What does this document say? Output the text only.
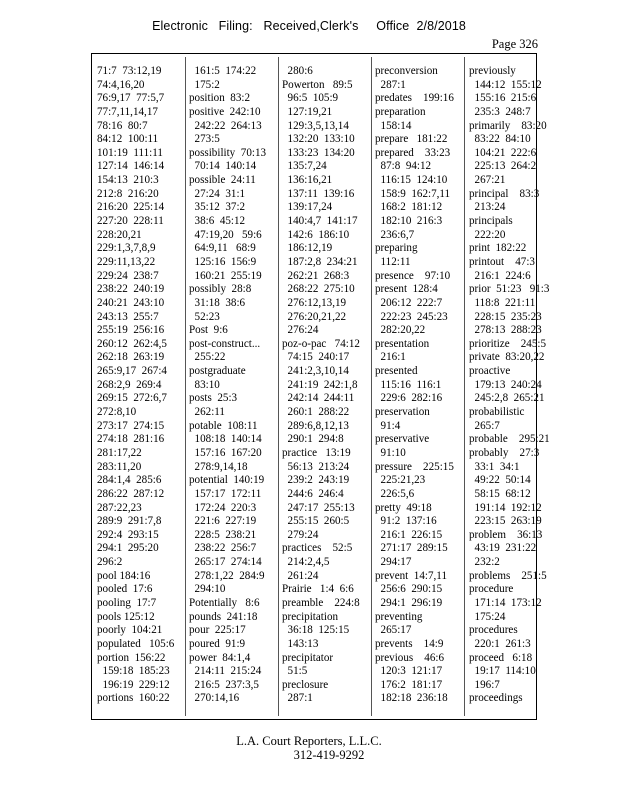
Electronic   Filing:   Received,Clerk's     Office  2/8/2018
Page 326
71:7  73:12,19
74:4,16,20
76:9,17  77:5,7
77:7,11,14,17
78:16  80:7
84:12  100:11
101:19  111:11
127:14  146:14
154:13  210:3
212:8  216:20
216:20  225:14
227:20  228:11
228:20,21
229:1,3,7,8,9
229:11,13,22
229:24  238:7
238:22  240:19
240:21  243:10
243:13  255:7
255:19  256:16
260:12  262:4,5
262:18  263:19
265:9,17  267:4
268:2,9  269:4
269:15  272:6,7
272:8,10
273:17  274:15
274:18  281:16
281:17,22
283:11,20
284:1,4  285:6
286:22  287:12
287:22,23
289:9  291:7,8
292:4  293:15
294:1  295:20
296:2
pool 184:16
pooled  17:6
pooling  17:7
pools 125:12
poorly  104:21
populated   105:6
portion  156:22
159:18  185:23
196:19  229:12
portions  160:22
161:5  174:22
175:2
position  83:2
positive  242:10
242:22  264:13
273:5
possibility  70:13
70:14  140:14
possible  24:11
27:24  31:1
35:12  37:2
38:6  45:12
47:19,20   59:6
64:9,11   68:9
125:16  156:9
160:21  255:19
possibly  28:8
31:18  38:6
52:23
Post  9:6
post-construct...
255:22
postgraduate
83:10
posts  25:3
262:11
potable  108:11
108:18  140:14
157:16  167:20
278:9,14,18
potential  140:19
157:17  172:11
172:24  220:3
221:6  227:19
228:5  238:21
238:22  256:7
265:17  274:14
278:1,22  284:9
294:10
Potentially   8:6
pounds  241:18
pour  225:17
poured  91:9
power  84:1,4
214:11  215:24
216:5  237:3,5
270:14,16
280:6
Powerton   89:5
96:5  105:9
127:19,21
129:3,5,13,14
132:20  133:10
133:23  134:20
135:7,24
136:16,21
137:11  139:16
139:17,24
140:4,7  141:17
142:6  186:10
186:12,19
187:2,8  234:21
262:21  268:3
268:22  275:10
276:12,13,19
276:20,21,22
276:24
poz-o-pac   74:12
74:15  240:17
241:2,3,10,14
241:19  242:1,8
242:14  244:11
260:1  288:22
289:6,8,12,13
290:1  294:8
practice   13:19
56:13  213:24
239:2  243:19
244:6  246:4
247:17  255:13
255:15  260:5
279:24
practices    52:5
214:2,4,5
261:24
Prairie   1:4  6:6
preamble    224:8
precipitation
36:18  125:15
143:13
precipitator
51:5
preclosure
287:1
preconversion
287:1
predates    199:16
preparation
158:14
prepare   181:22
prepared    33:23
87:8  94:12
116:15  124:10
158:9  162:7,11
168:2  181:12
182:10  216:3
236:6,7
preparing
112:11
presence    97:10
present  128:4
206:12  222:7
222:23  245:23
282:20,22
presentation
216:1
presented
115:16  116:1
229:6  282:16
preservation
91:4
preservative
91:10
pressure    225:15
225:21,23
226:5,6
pretty  49:18
91:2  137:16
216:1  226:15
271:17  289:15
294:17
prevent  14:7,11
256:6  290:15
294:1  296:19
preventing
265:17
prevents    14:9
previous    46:6
120:3  121:17
176:2  181:17
182:18  236:18
previously
144:12  155:12
155:16  215:6
235:3  248:7
primarily    83:20
83:22  84:10
104:21  222:6
225:13  264:2
267:21
principal    83:3
213:24
principals
222:20
print  182:22
printout    47:3
216:1  224:6
prior  51:23   91:3
118:8  221:11
228:15  235:23
278:13  288:23
prioritize    245:5
private  83:20,22
proactive
179:13  240:24
245:2,8  265:21
probabilistic
265:7
probable    295:21
probably    27:3
33:1  34:1
49:22  50:14
58:15  68:12
191:14  192:12
223:15  263:19
problem    36:13
43:19  231:22
232:2
problems    251:5
procedure
171:14  173:12
175:24
procedures
220:1  261:3
proceed   6:18
19:17  114:10
196:7
proceedings
L.A. Court Reporters, L.L.C.
312-419-9292
